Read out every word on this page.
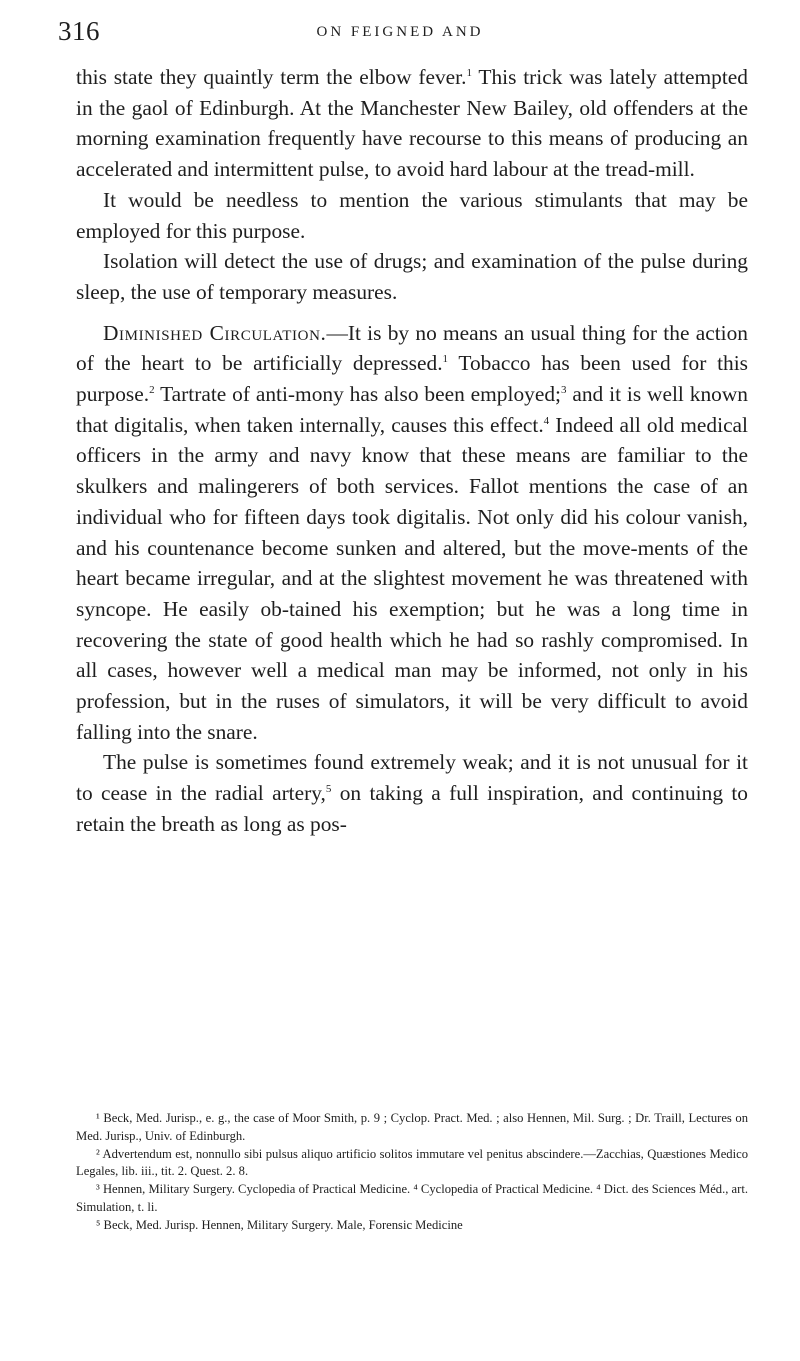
316	ON FEIGNED AND

this state they quaintly term the elbow fever.$^1$ This trick was lately attempted in the gaol of Edinburgh. At the Manchester New Bailey, old offenders at the morning examination frequently have recourse to this means of producing an accelerated and intermittent pulse, to avoid hard labour at the tread-mill.

It would be needless to mention the various stimulants that may be employed for this purpose.

Isolation will detect the use of drugs; and examination of the pulse during sleep, the use of temporary measures.

Diminished Circulation.—It is by no means an usual thing for the action of the heart to be artificially depressed.$^1$ Tobacco has been used for this purpose.$^2$ Tartrate of anti-mony has also been employed;$^3$ and it is well known that digitalis, when taken internally, causes this effect.$^4$ Indeed all old medical officers in the army and navy know that these means are familiar to the skulkers and malingerers of both services. Fallot mentions the case of an individual who for fifteen days took digitalis. Not only did his colour vanish, and his countenance become sunken and altered, but the move-ments of the heart became irregular, and at the slightest movement he was threatened with syncope. He easily ob-tained his exemption; but he was a long time in recovering the state of good health which he had so rashly compromised. In all cases, however well a medical man may be informed, not only in his profession, but in the ruses of simulators, it will be very difficult to avoid falling into the snare.

The pulse is sometimes found extremely weak; and it is not unusual for it to cease in the radial artery,$^5$ on taking a full inspiration, and continuing to retain the breath as long as pos-

¹ Beck, Med. Jurisp., e. g., the case of Moor Smith, p. 9 ; Cyclop. Pract. Med. ; also Hennen, Mil. Surg. ; Dr. Traill, Lectures on Med. Jurisp., Univ. of Edinburgh.

² Advertendum est, nonnullo sibi pulsus aliquo artificio solitos immutare vel penitus abscindere.—Zacchias, Quæstiones Medico Legales, lib. iii., tit. 2. Quest. 2. 8.

³ Hennen, Military Surgery. Cyclopedia of Practical Medicine. ⁴ Cyclopedia of Practical Medicine. ⁴ Dict. des Sciences Méd., art. Simulation, t. li.

⁵ Beck, Med. Jurisp. Hennen, Military Surgery. Male, Forensic Medicine
